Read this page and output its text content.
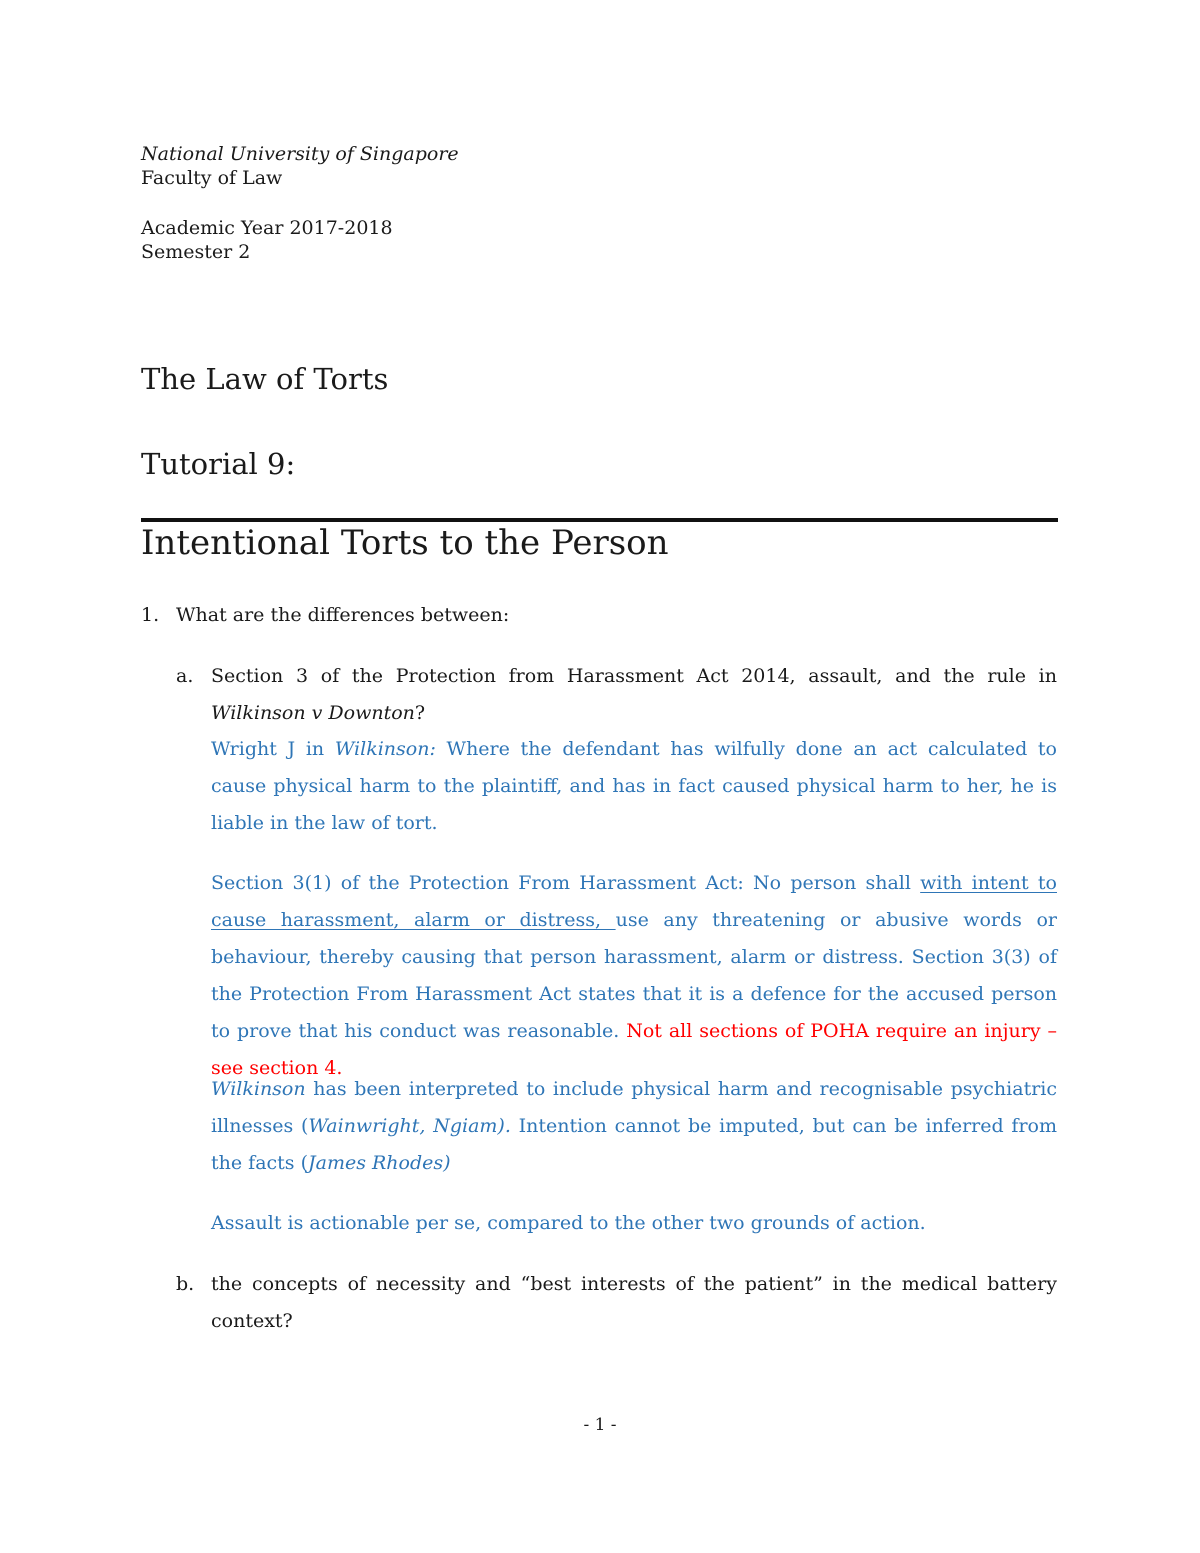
National University of Singapore
Faculty of Law
Academic Year 2017-2018
Semester 2
The Law of Torts
Tutorial 9:
Intentional Torts to the Person
1. What are the differences between:
a. Section 3 of the Protection from Harassment Act 2014, assault, and the rule in Wilkinson v Downton?
Wright J in Wilkinson: Where the defendant has wilfully done an act calculated to cause physical harm to the plaintiff, and has in fact caused physical harm to her, he is liable in the law of tort.
Section 3(1) of the Protection From Harassment Act: No person shall with intent to cause harassment, alarm or distress, use any threatening or abusive words or behaviour, thereby causing that person harassment, alarm or distress. Section 3(3) of the Protection From Harassment Act states that it is a defence for the accused person to prove that his conduct was reasonable. Not all sections of POHA require an injury – see section 4.
Wilkinson has been interpreted to include physical harm and recognisable psychiatric illnesses (Wainwright, Ngiam). Intention cannot be imputed, but can be inferred from the facts (James Rhodes)
Assault is actionable per se, compared to the other two grounds of action.
b. the concepts of necessity and “best interests of the patient” in the medical battery context?
- 1 -
